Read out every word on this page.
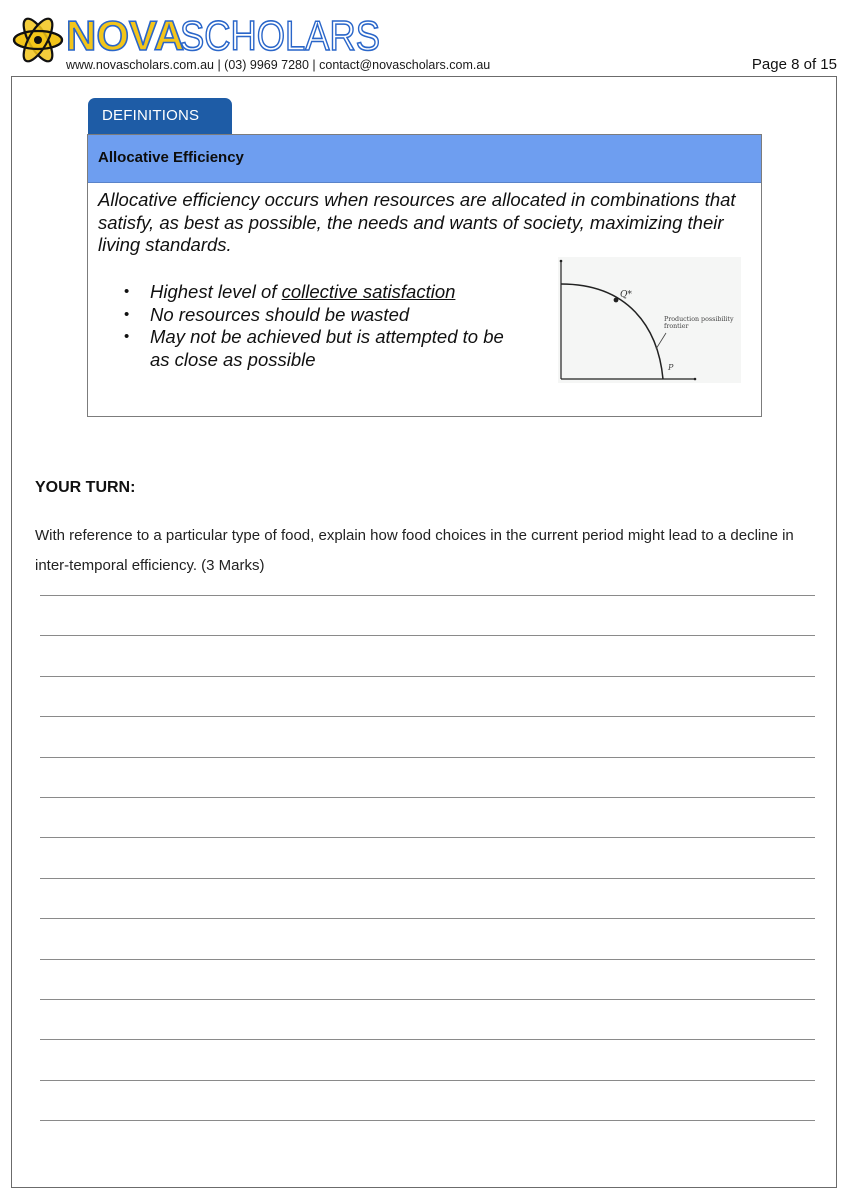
NOVA
SCHOLARS
www.novascholars.com.au | (03) 9969 7280 | contact@novascholars.com.au	Page 8 of 15
DEFINITIONS
Allocative Efficiency
Allocative efficiency occurs when resources are allocated in combinations that satisfy, as best as possible, the needs and wants of society, maximizing their living standards.
• Highest level of collective satisfaction
• No resources should be wasted
• May not be achieved but is attempted to be as close as possible
Q*
Production possibility frontier
P
YOUR TURN:
With reference to a particular type of food, explain how food choices in the current period might lead to a decline in inter-temporal efficiency. (3 Marks)
